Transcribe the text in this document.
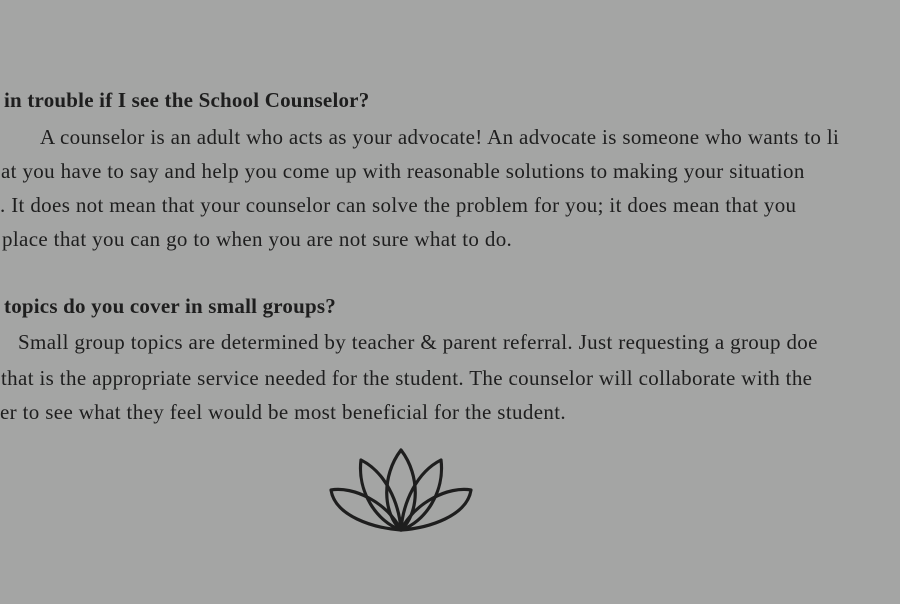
in trouble if I see the School Counselor?
A counselor is an adult who acts as your advocate! An advocate is someone who wants to li
at you have to say and help you come up with reasonable solutions to making your situation
. It does not mean that your counselor can solve the problem for you; it does mean that you
place that you can go to when you are not sure what to do.
topics do you cover in small groups?
Small group topics are determined by teacher & parent referral. Just requesting a group doe
that is the appropriate service needed for the student. The counselor will collaborate with the
er to see what they feel would be most beneficial for the student.
